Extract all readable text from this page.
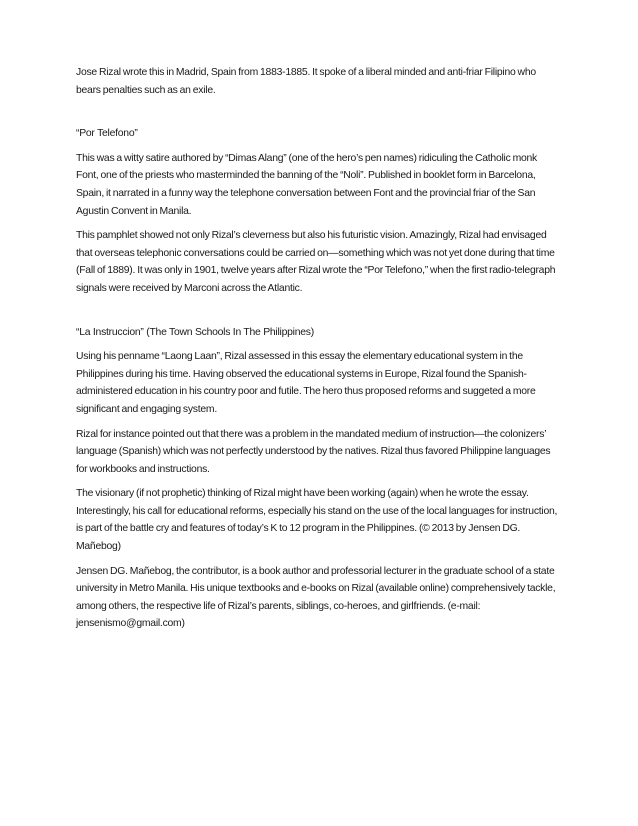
Jose Rizal wrote this in Madrid, Spain from 1883-1885. It spoke of a liberal minded and anti-friar Filipino who bears penalties such as an exile.

“Por Telefono”

This was a witty satire authored by “Dimas Alang” (one of the hero’s pen names) ridiculing the Catholic monk Font, one of the priests who masterminded the banning of the “Noli”. Published in booklet form in Barcelona, Spain, it narrated in a funny way the telephone conversation between Font and the provincial friar of the San Agustin Convent in Manila.

This pamphlet showed not only Rizal’s cleverness but also his futuristic vision. Amazingly, Rizal had envisaged that overseas telephonic conversations could be carried on—something which was not yet done during that time (Fall of 1889). It was only in 1901, twelve years after Rizal wrote the “Por Telefono,” when the first radio-telegraph signals were received by Marconi across the Atlantic.

“La Instruccion” (The Town Schools In The Philippines)

Using his penname “Laong Laan”, Rizal assessed in this essay the elementary educational system in the Philippines during his time. Having observed the educational systems in Europe, Rizal found the Spanish-administered education in his country poor and futile. The hero thus proposed reforms and suggeted a more significant and engaging system.

Rizal for instance pointed out that there was a problem in the mandated medium of instruction—the colonizers’ language (Spanish) which was not perfectly understood by the natives. Rizal thus favored Philippine languages for workbooks and instructions.

The visionary (if not prophetic) thinking of Rizal might have been working (again) when he wrote the essay. Interestingly, his call for educational reforms, especially his stand on the use of the local languages for instruction, is part of the battle cry and features of today’s K to 12 program in the Philippines. (© 2013 by Jensen DG. Mañebog)

Jensen DG. Mañebog, the contributor, is a book author and professorial lecturer in the graduate school of a state university in Metro Manila. His unique textbooks and e-books on Rizal (available online) comprehensively tackle, among others, the respective life of Rizal’s parents, siblings, co-heroes, and girlfriends. (e-mail: jensenismo@gmail.com)
